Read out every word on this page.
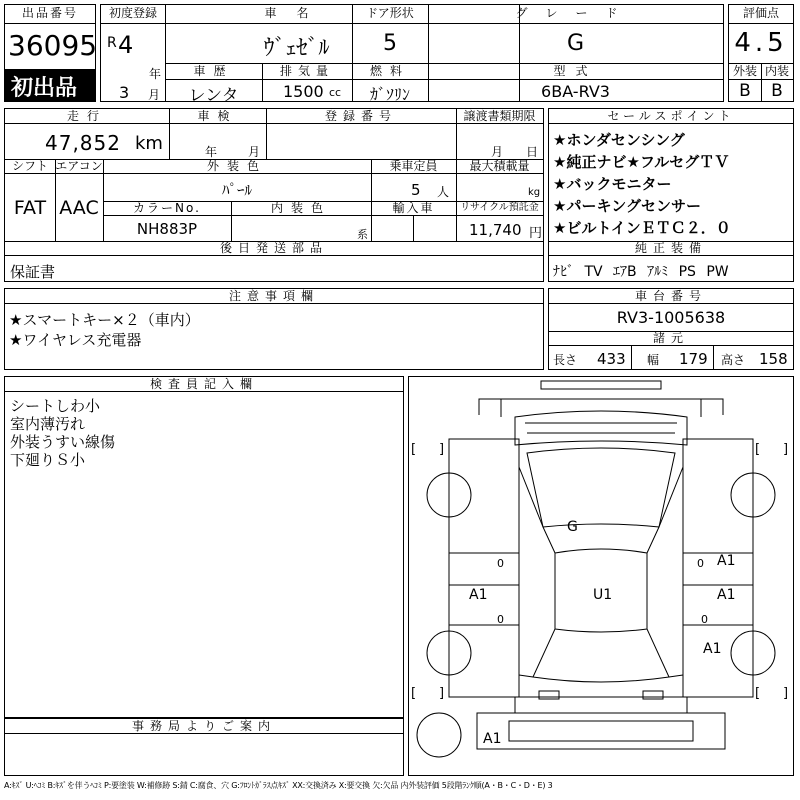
出品番号
36095
初出品
初度登録
R 4
年
3 月
車名
ｳﾞｪｾﾞﾙ
ドア形状
5
グレード
G
車歴
レンタ
排気量
1500 cc
燃料
ｶﾞｿﾘﾝ
型式
6BA-RV3
評価点
4.5
外装 内装
B	B
走行
47,852 km
車検
年	月
登録番号	譲渡書類期限
月 日
シフト
FAT
エアコン
AAC
外装色
ﾊﾟｰﾙ
乗車定員
5 人
最大積載量
kg
カラーNo.
NH883P
内装色
系
輸入車	リサイクル預託金
11,740 円
後日発送部品
保証書
セールスポイント
★ホンダセンシング
★純正ナビ★フルセグＴＶ
★バックモニター
★パーキングセンサー
★ビルトインＥＴＣ２．０
純正装備
ﾅﾋﾞ TV ｴｱB ｱﾙﾐ PS PW
注意事項欄
★スマートキー×２（車内）
★ワイヤレス充電器
車台番号
RV3-1005638
諸元
長さ 433 幅 179 高さ 158
検査員記入欄
シートしわ小
室内薄汚れ
外装うすい線傷
下廻りＳ小
事務局よりご案内
0	0
0	0
[ ]	[ ]
[ ]	[ ]
G
U1
A1
A1
A1
A1
A1
A:ｷｽﾞ U:ﾍｺﾐ B:ｷｽﾞを伴うﾍｺﾐ P:要塗装 W:補修跡 S:錆 C:腐食、穴 G:ﾌﾛﾝﾄｶﾞﾗｽ点ｷｽﾞ XX:交換済み X:要交換 欠:欠品 内外装評価 5段階ﾗﾝｸ順(A・B・C・D・E) 3
